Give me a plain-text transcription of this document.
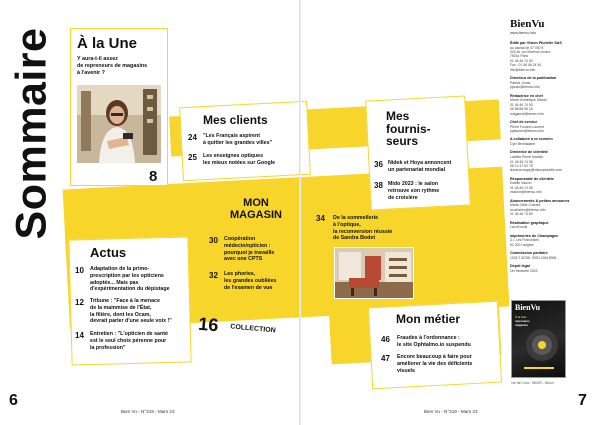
Sommaire À la Une
Y aura-t-il assez
de repreneurs de magasins
à l'avenir ?
8
Mes clients
24 "Les Français aspirent
à quitter les grandes villes"
25 Les enseignes optiques
les mieux notées sur Google
Mes
fournis-
seurs
36 Nidek et Hoya annoncent
un partenariat mondial
38 Mido 2023 : le salon
retrouve son rythme
de croisière
MON
MAGASIN
30 Coopération
médecin/opticien :
pourquoi je travaille
avec une CPTS
32 Les phories,
les grandes oubliées
de l'examen de vue
34 De la sommellerie
à l'optique,
la reconversion réussie
de Sandra Bodet
Actus
10 Adaptation de la primo-
prescription par les opticiens
adoptée... Mais pas
d'expérimentation du dépistage
12 Tribune : "Face à la menace
de la mainmise de l'État,
la filière, dont les Ocam,
devrait parler d'une seule voix !"
14 Entretien : "L'opticien de santé
est le seul choix pérenne pour
la profession"
16 COLLECTION
Mon métier
46 Fraudes à l'ordonnance :
le site Ophtalmo.io suspendu
47 Encore beaucoup à faire pour
améliorer la vie des déficients
visuels
6
Bien Vu - N°319 - Mars 23	Bien Vu - N°319 - Mars 23
7
BienVu
www.bienvu.info
Édité par Vision Plurielle SAS
au capital de 37 000 €
320 av. du Général Leclerc
75014 Paris
01 46 46 74 50
Fax : 01 46 46 24 54
info@bienvu.info
Directeur de la publication
Patrick Jonas
pjonas@bienvu.info
Rédactrice en chef
Marie-Dominique Gainet
01 46 46 74 53
06 88 88 96 18
mdgainet@bienvu.info
Chef de service
Pierre Fouché-Laurent
pplaurent@bienvu.info
A collaboré à ce numéro
Cyril Benhadane
Directrice de clientèle
Laetitia Perret Ibrahim
01 46 46 74 55
06 13 37 62 78
lineaccrocapp@visionplurielle.com
Responsable de clientèle
Estelle Sauvin
01 46 46 74 08
esauvin@bienvu.info
Abonnements & petites annonces
Marie-Odile Charles
mocharles@bienvu.info
01 46 46 74 50
Réalisation graphique
Léa Arnoult
Imprimeries de Champagne
Z.I. Les Franchises
52 200 Langres
Commission paritaire
1026 T 82281 ISSN 1264-8981
Dépôt légal
1er trimestre 2023
BienVu
À la Une
repreneurs
magasins
1re de Couv : BBGR - Nikon
